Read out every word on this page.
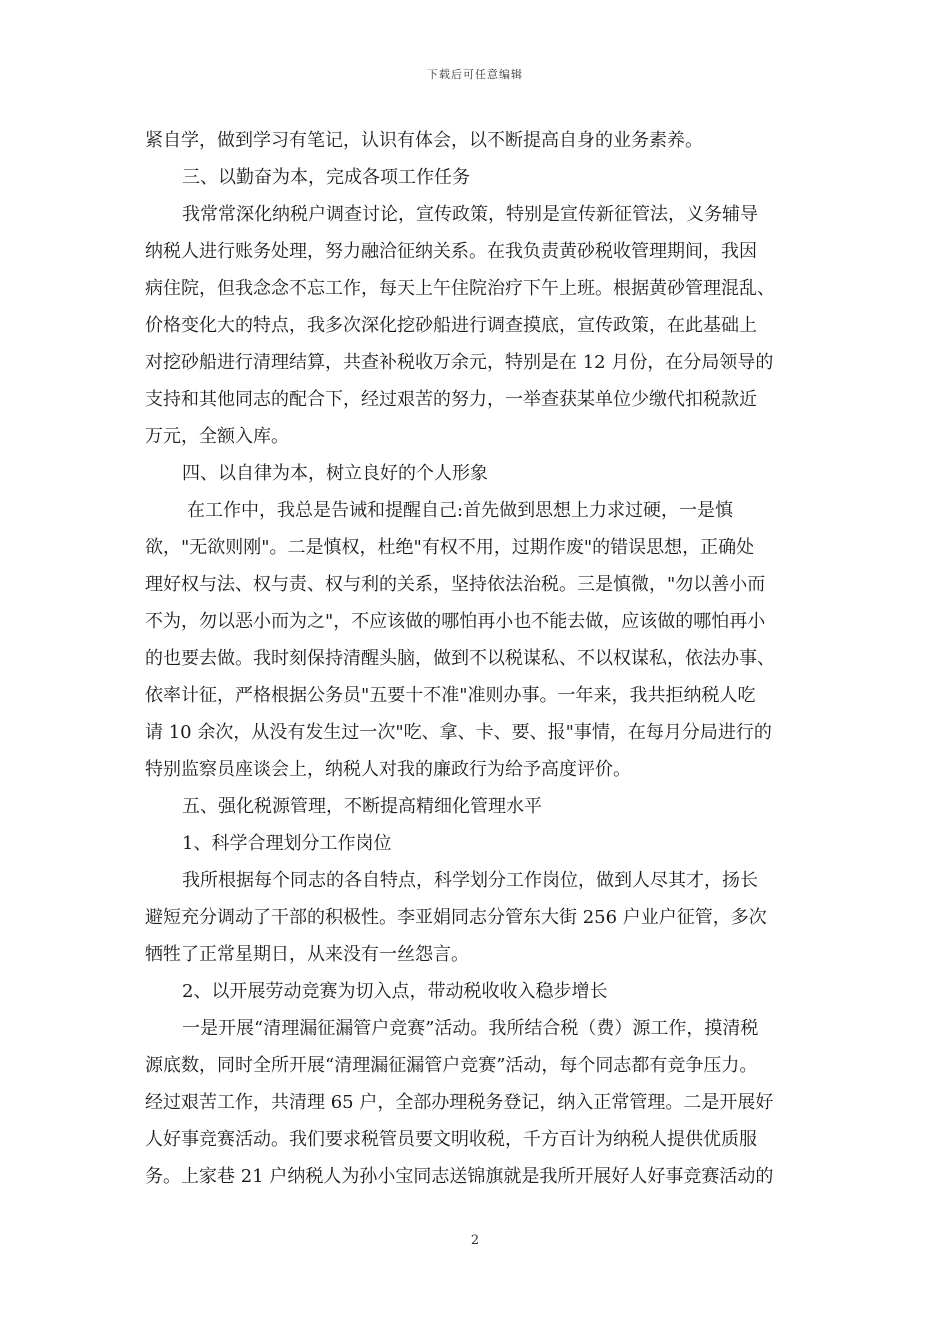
下载后可任意编辑
紧自学，做到学习有笔记，认识有体会，以不断提高自身的业务素养。
三、以勤奋为本，完成各项工作任务
我常常深化纳税户调查讨论，宣传政策，特别是宣传新征管法，义务辅导
纳税人进行账务处理，努力融洽征纳关系。在我负责黄砂税收管理期间，我因
病住院，但我念念不忘工作，每天上午住院治疗下午上班。根据黄砂管理混乱、
价格变化大的特点，我多次深化挖砂船进行调查摸底，宣传政策，在此基础上
对挖砂船进行清理结算，共查补税收万余元，特别是在 12 月份，在分局领导的
支持和其他同志的配合下，经过艰苦的努力，一举查获某单位少缴代扣税款近
万元，全额入库。
四、以自律为本，树立良好的个人形象
在工作中，我总是告诫和提醒自己:首先做到思想上力求过硬，一是慎
欲，"无欲则刚"。二是慎权，杜绝"有权不用，过期作废"的错误思想，正确处
理好权与法、权与责、权与利的关系，坚持依法治税。三是慎微，"勿以善小而
不为，勿以恶小而为之"，不应该做的哪怕再小也不能去做，应该做的哪怕再小
的也要去做。我时刻保持清醒头脑，做到不以税谋私、不以权谋私，依法办事、
依率计征，严格根据公务员"五要十不准"准则办事。一年来，我共拒纳税人吃
请 10 余次，从没有发生过一次"吃、拿、卡、要、报"事情，在每月分局进行的
特别监察员座谈会上，纳税人对我的廉政行为给予高度评价。
五、强化税源管理，不断提高精细化管理水平
1、科学合理划分工作岗位
我所根据每个同志的各自特点，科学划分工作岗位，做到人尽其才，扬长
避短充分调动了干部的积极性。李亚娟同志分管东大街 256 户业户征管，多次
牺牲了正常星期日，从来没有一丝怨言。
2、以开展劳动竞赛为切入点，带动税收收入稳步增长
一是开展“清理漏征漏管户竞赛”活动。我所结合税（费）源工作，摸清税
源底数，同时全所开展“清理漏征漏管户竞赛”活动，每个同志都有竞争压力。
经过艰苦工作，共清理 65 户，全部办理税务登记，纳入正常管理。二是开展好
人好事竞赛活动。我们要求税管员要文明收税，千方百计为纳税人提供优质服
务。上家巷 21 户纳税人为孙小宝同志送锦旗就是我所开展好人好事竞赛活动的
2
